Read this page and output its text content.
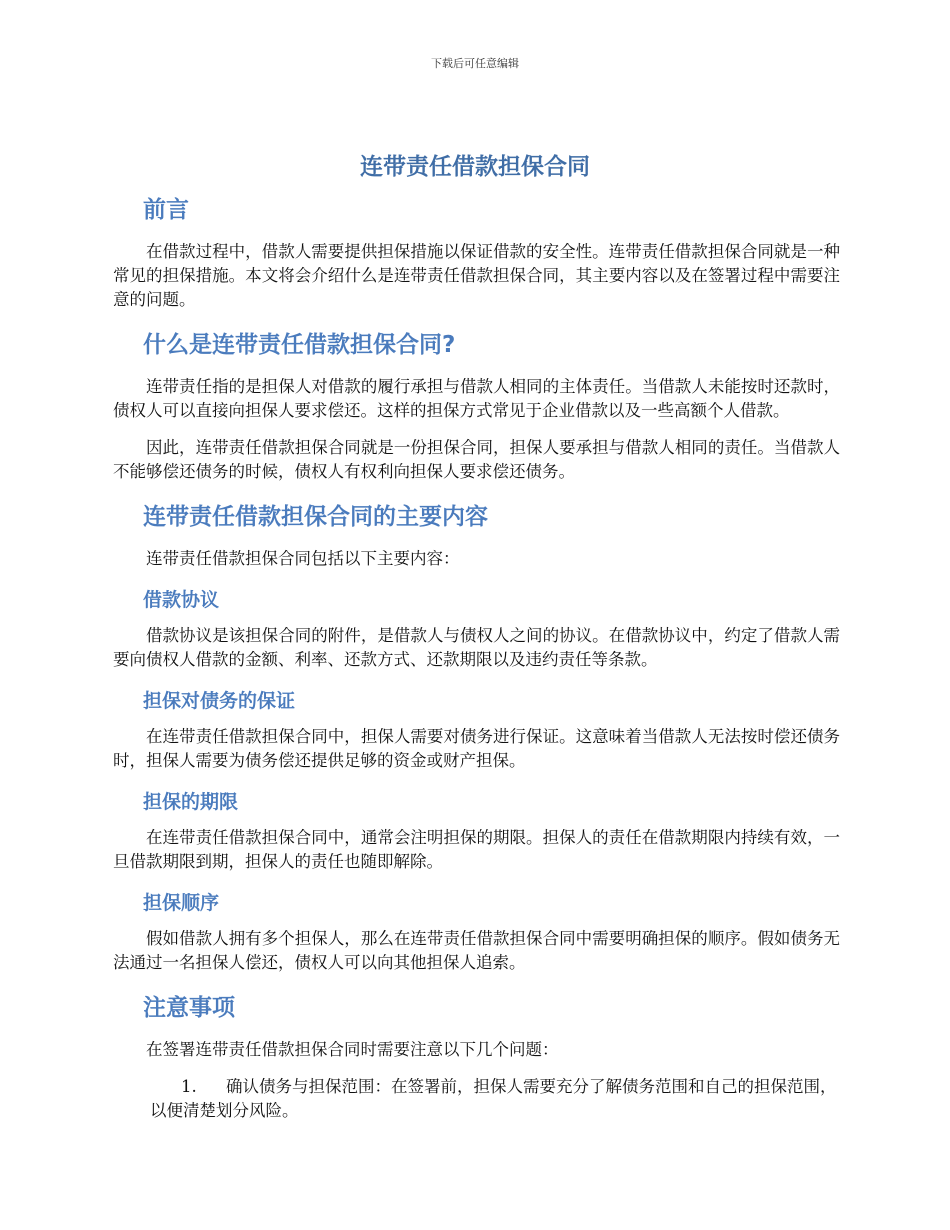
下载后可任意编辑
连带责任借款担保合同
前言

在借款过程中，借款人需要提供担保措施以保证借款的安全性。连带责任借款担保合同就是一种常见的担保措施。本文将会介绍什么是连带责任借款担保合同，其主要内容以及在签署过程中需要注意的问题。

什么是连带责任借款担保合同?

连带责任指的是担保人对借款的履行承担与借款人相同的主体责任。当借款人未能按时还款时，债权人可以直接向担保人要求偿还。这样的担保方式常见于企业借款以及一些高额个人借款。

因此，连带责任借款担保合同就是一份担保合同，担保人要承担与借款人相同的责任。当借款人不能够偿还债务的时候，债权人有权利向担保人要求偿还债务。

连带责任借款担保合同的主要内容

连带责任借款担保合同包括以下主要内容：

借款协议

借款协议是该担保合同的附件，是借款人与债权人之间的协议。在借款协议中，约定了借款人需要向债权人借款的金额、利率、还款方式、还款期限以及违约责任等条款。

担保对债务的保证

在连带责任借款担保合同中，担保人需要对债务进行保证。这意味着当借款人无法按时偿还债务时，担保人需要为债务偿还提供足够的资金或财产担保。

担保的期限

在连带责任借款担保合同中，通常会注明担保的期限。担保人的责任在借款期限内持续有效，一旦借款期限到期，担保人的责任也随即解除。

担保顺序

假如借款人拥有多个担保人，那么在连带责任借款担保合同中需要明确担保的顺序。假如债务无法通过一名担保人偿还，债权人可以向其他担保人追索。

注意事项

在签署连带责任借款担保合同时需要注意以下几个问题：

1. 确认债务与担保范围：在签署前，担保人需要充分了解债务范围和自己的担保范围，以便清楚划分风险。
